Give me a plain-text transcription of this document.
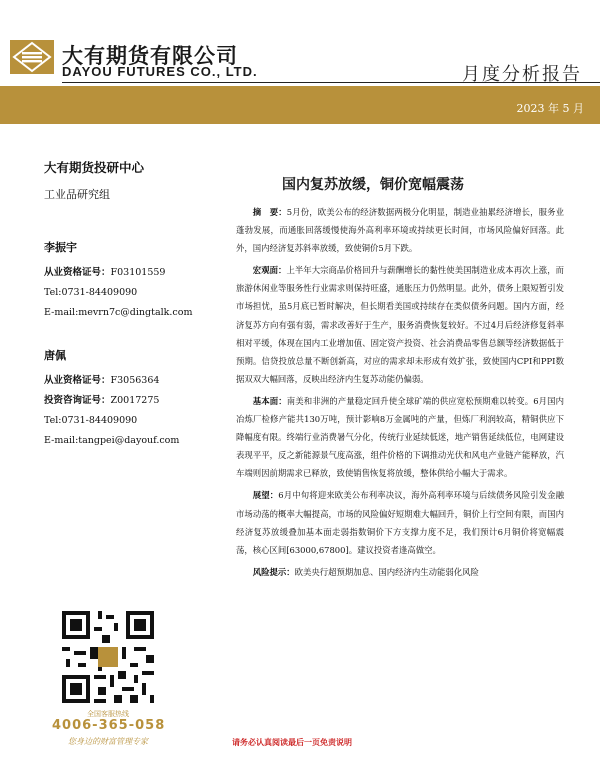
大有期货有限公司
DAYOU FUTURES CO., LTD.	月度分析报告
2023 年 5 月
大有期货投研中心
工业品研究组
李振宇
从业资格证号：F03101559
Tel:0731-84409090
E-mail:mevrn7c@dingtalk.com
唐佩
从业资格证号：F3056364
投资咨询证号：Z0017275
Tel:0731-84409090
E-mail:tangpei@dayouf.com
全国客服热线
4006-365-058
您身边的财富管理专家
国内复苏放缓，铜价宽幅震荡

摘　要：5月份，欧美公布的经济数据两极分化明显，制造业抽累经济增长，服务业蓬勃发展，而通胀回落缓慢使海外高利率环境或持续更长时间，市场风险偏好回落。此外，国内经济复苏斜率放缓，致使铜价5月下跌。

宏观面：上半年大宗商品价格回升与薪酬增长的黏性使美国制造业成本再次上涨，而旅游休闲业等服务性行业需求则保持旺盛，通胀压力仍然明显。此外，债务上限短暂引发市场担忧，虽5月底已暂时解决，但长期看美国或持续存在类似债务问题。国内方面，经济复苏方向有强有弱，需求改善好于生产，服务消费恢复较好。不过4月后经济修复斜率相对平缓，体现在国内工业增加值、固定资产投资、社会消费品零售总额等经济数据低于预期。信贷投放总量不断创新高，对应的需求却未形成有效扩张，致使国内CPI和PPI数据双双大幅回落，反映出经济内生复苏动能仍偏弱。

基本面：南美和非洲的产量稳定回升使全球矿端的供应宽松预期难以转变。6月国内冶炼厂检修产能共130万吨，预计影响8万金属吨的产量，但炼厂利润较高，精铜供应下降幅度有限。终端行业消费暑气分化，传统行业延续低迷，地产销售延续低位，电网建设表现平平，反之新能源景气度高涨，组件价格的下调推动光伏和风电产业链产能释放，汽车端则因前期需求已释放，致使销售恢复将放缓，整体供给小幅大于需求。

展望：6月中旬将迎来欧美公布利率决议，海外高利率环境与后续债务风险引发金融市场动荡的概率大幅提高，市场的风险偏好短期难大幅回升，铜价上行空间有限，而国内经济复苏放缓叠加基本面走弱指数铜价下方支撑力度不足，我们预计6月铜价将宽幅震荡，核心区间[63000,67800]。建议投资者逢高做空。

风险提示：欧美央行超预期加息、国内经济内生动能弱化风险

请务必认真阅读最后一页免责说明
